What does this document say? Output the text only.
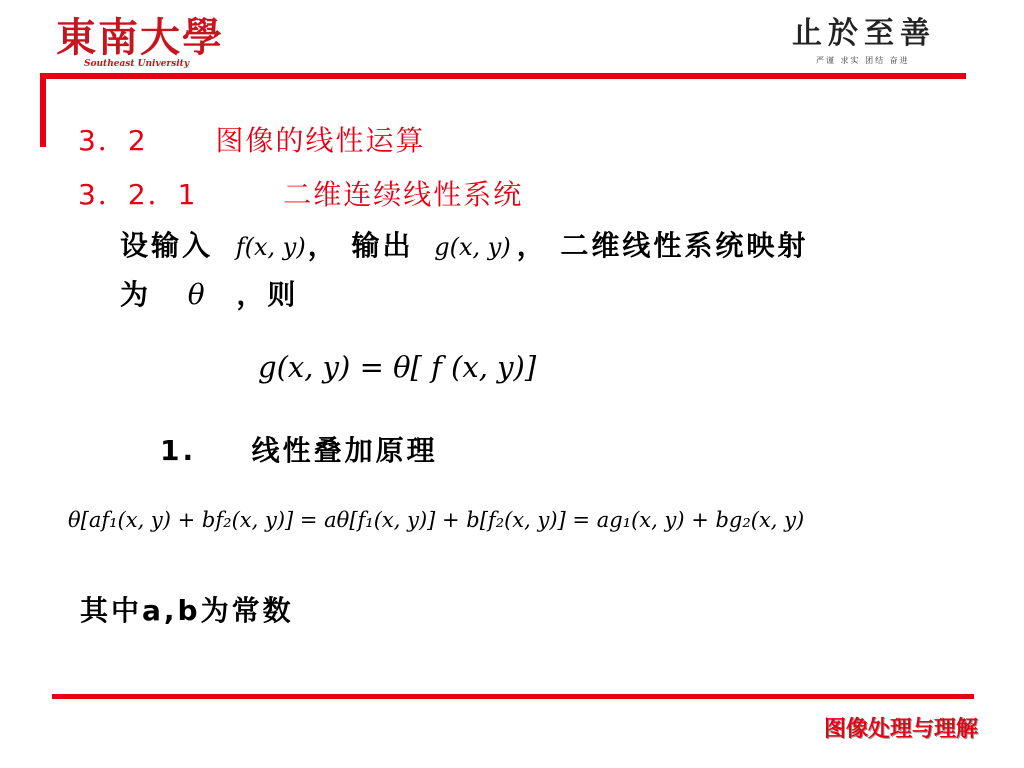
東南大學
Southeast University
止於至善
严谨 求实 团结 奋进
3．2 图像的线性运算
3．2．1	二维连续线性系统
设输入 f(x, y)， 输出 g(x, y) ， 二维线性系统映射
为 θ ，则
g(x, y) = θ[ f (x, y)]
1. 线性叠加原理
θ[af₁(x, y) + bf₂(x, y)] = aθ[f₁(x, y)] + b[f₂(x, y)] = ag₁(x, y) + bg₂(x, y)
其中a,b为常数
图像处理与理解
